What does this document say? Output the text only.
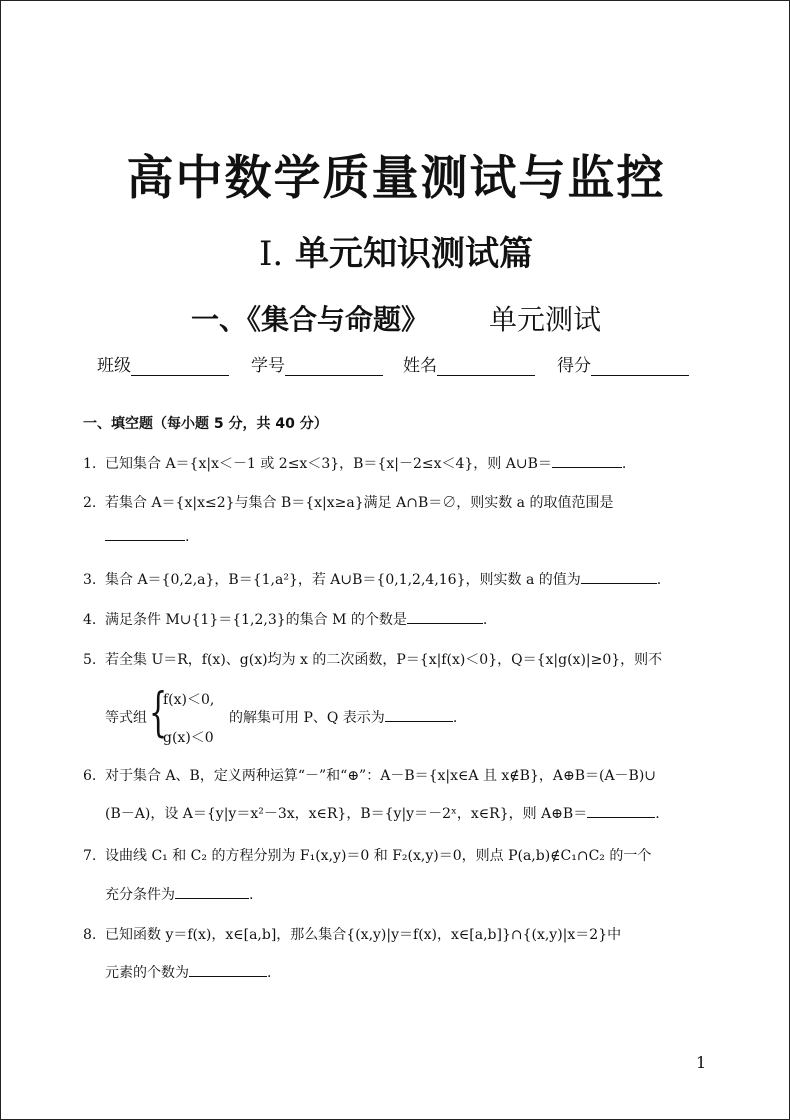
高中数学质量测试与监控
Ⅰ. 单元知识测试篇
一、《集合与命题》 单元测试
班级	学号	姓名	得分
一、填空题（每小题 5 分，共 40 分）
1. 已知集合 A＝{x|x＜－1 或 2≤x＜3}，B＝{x|－2≤x＜4}，则 A∪B＝	.
2. 若集合 A＝{x|x≤2}与集合 B＝{x|x≥a}满足 A∩B＝∅，则实数 a 的取值范围是
.
3. 集合 A＝{0,2,a}，B＝{1,a²}，若 A∪B＝{0,1,2,4,16}，则实数 a 的值为	.
4. 满足条件 M∪{1}＝{1,2,3}的集合 M 的个数是	.
5. 若全集 U＝R，f(x)、g(x)均为 x 的二次函数，P＝{x|f(x)＜0}，Q＝{x|g(x)|≥0}，则不
等式组 {
f(x)＜0,
g(x)＜0
的解集可用 P、Q 表示为	.
6. 对于集合 A、B，定义两种运算“－”和“⊕”：A－B＝{x|x∈A 且 x∉B}，A⊕B＝(A－B)∪
(B－A)，设 A＝{y|y＝x²－3x，x∈R}，B＝{y|y＝－2ˣ，x∈R}，则 A⊕B＝	.
7. 设曲线 C₁ 和 C₂ 的方程分别为 F₁(x,y)＝0 和 F₂(x,y)＝0，则点 P(a,b)∉C₁∩C₂ 的一个
充分条件为	.
8. 已知函数 y＝f(x)，x∈[a,b]，那么集合{(x,y)|y＝f(x)，x∈[a,b]}∩{(x,y)|x＝2}中
元素的个数为	.
1
